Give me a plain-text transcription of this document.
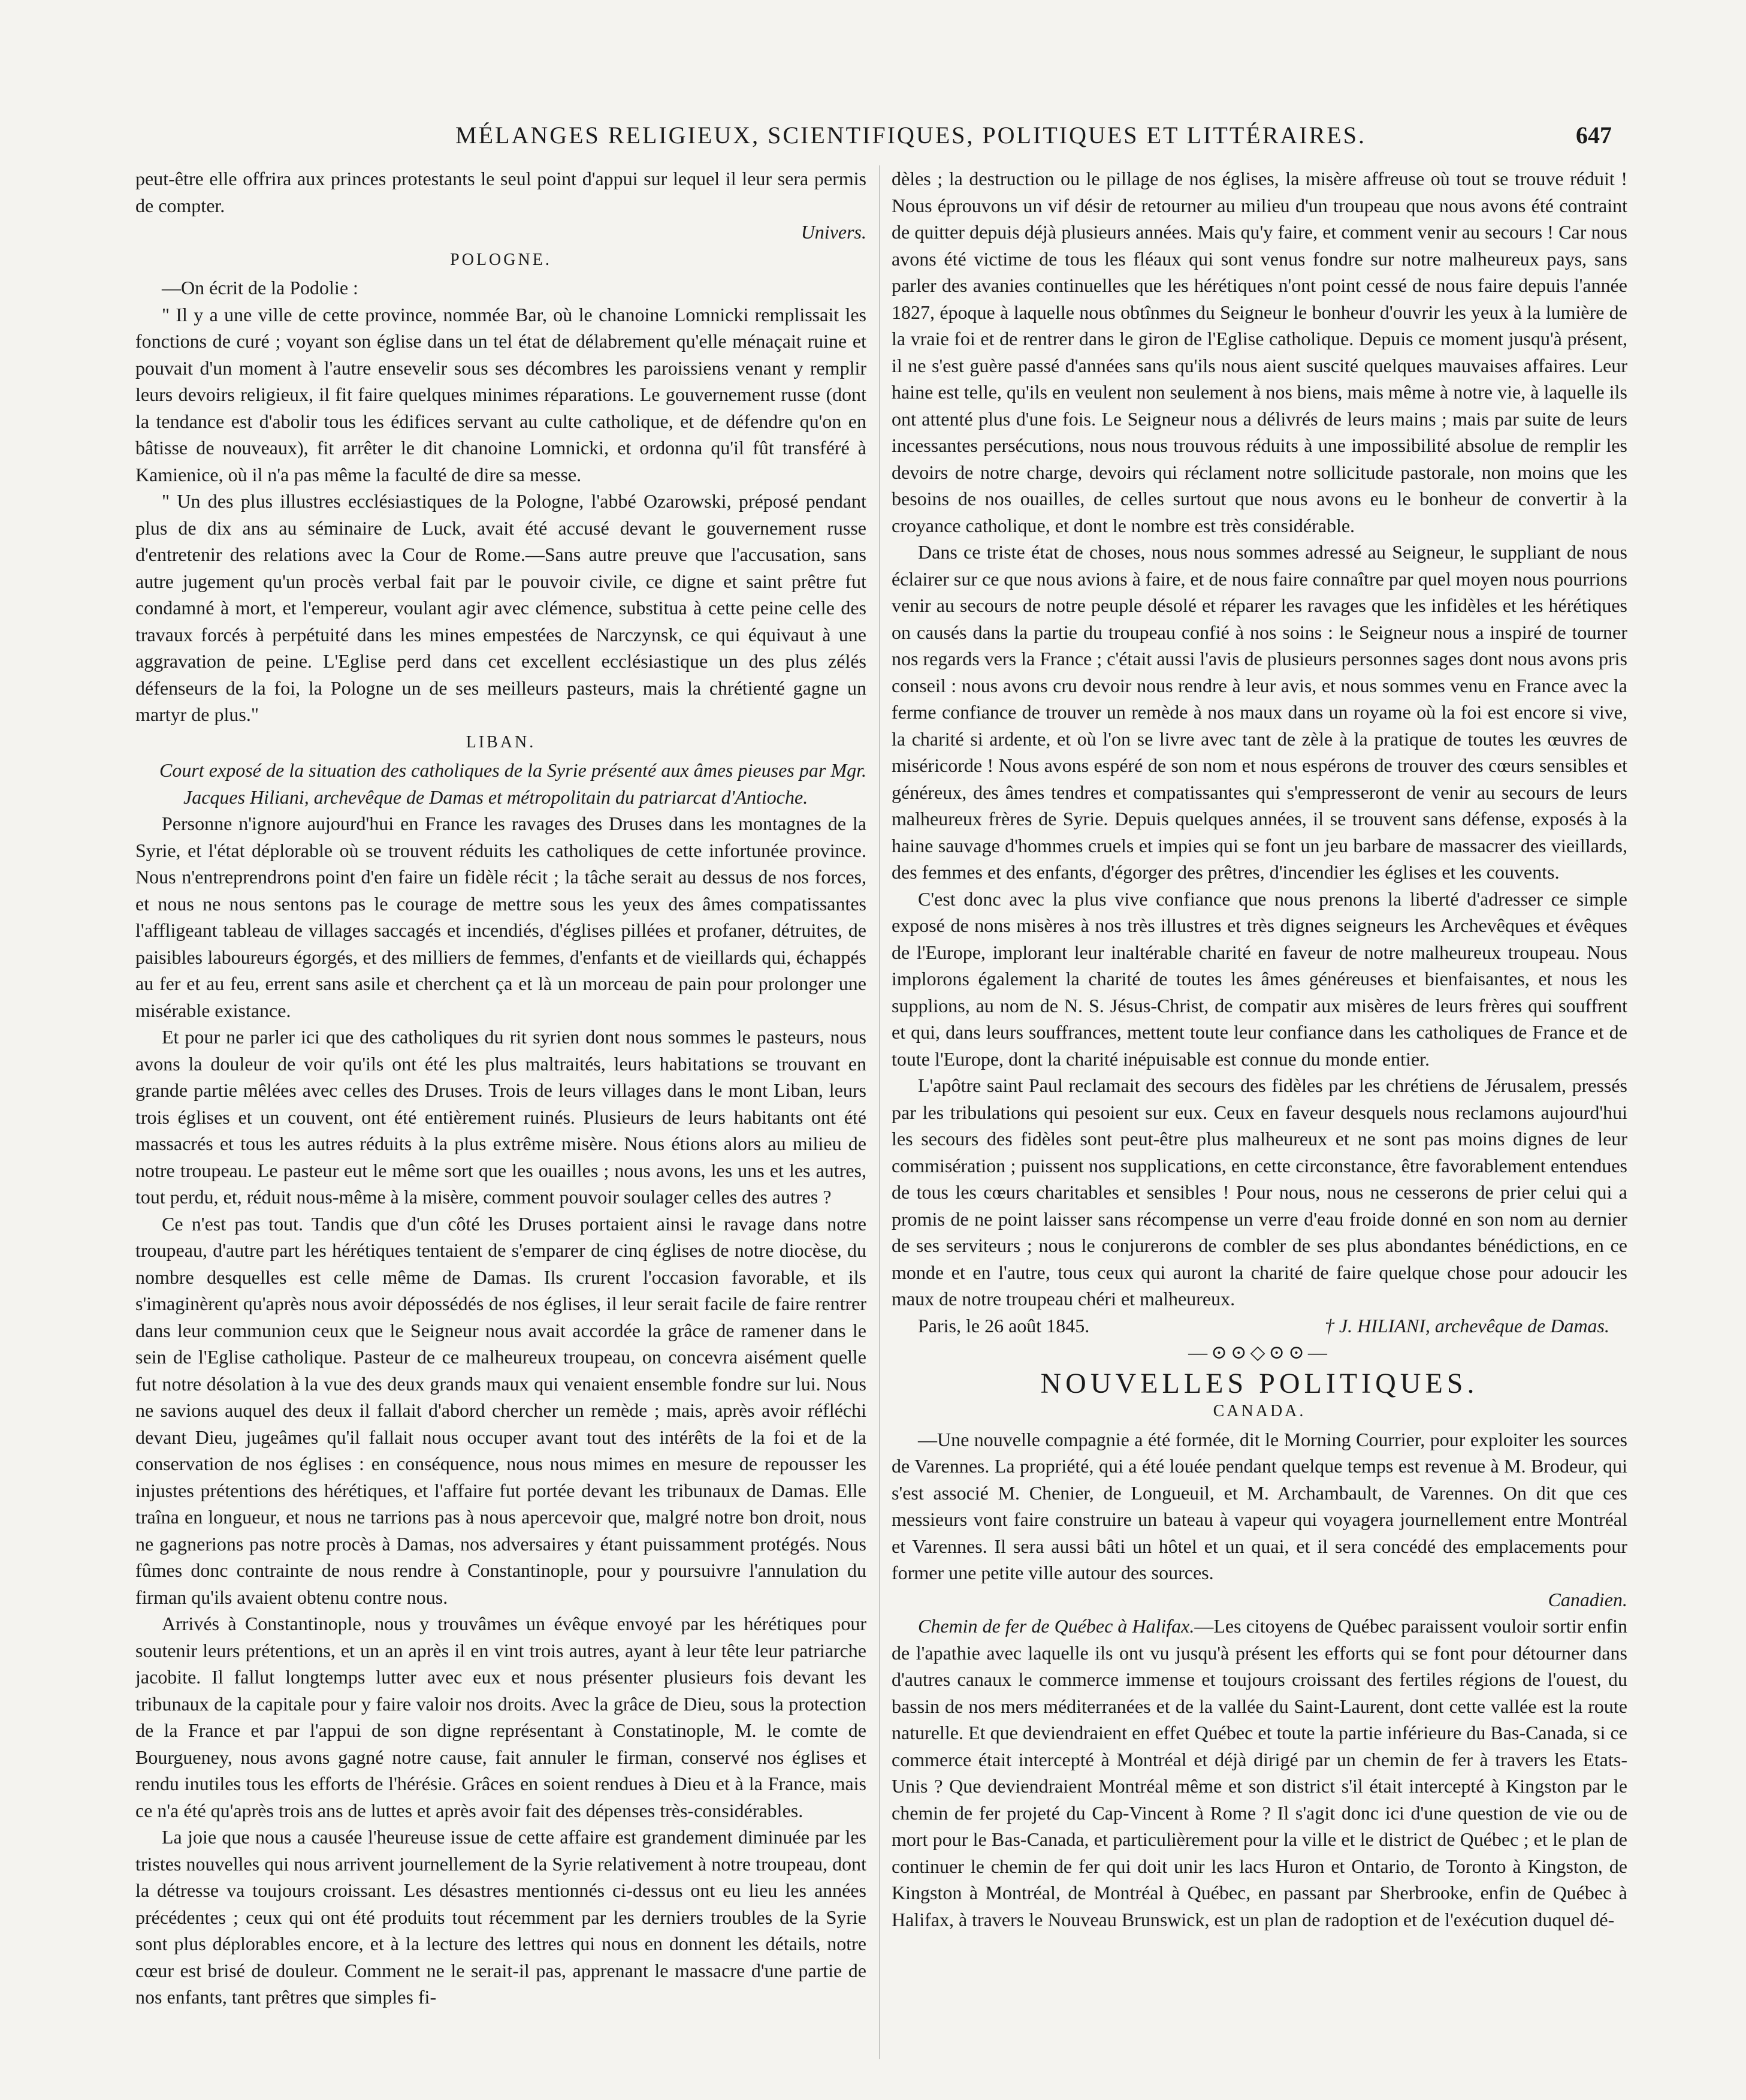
MÉLANGES RELIGIEUX, SCIENTIFIQUES, POLITIQUES ET LITTÉRAIRES.	647

peut-être elle offrira aux princes protestants le seul point d'appui sur lequel il leur sera permis de compter.

Univers.

POLOGNE.

—On écrit de la Podolie :

" Il y a une ville de cette province, nommée Bar, où le chanoine Lomnicki remplissait les fonctions de curé ; voyant son église dans un tel état de délabrement qu'elle ménaçait ruine et pouvait d'un moment à l'autre ensevelir sous ses décombres les paroissiens venant y remplir leurs devoirs religieux, il fit faire quelques minimes réparations. Le gouvernement russe (dont la tendance est d'abolir tous les édifices servant au culte catholique, et de défendre qu'on en bâtisse de nouveaux), fit arrêter le dit chanoine Lomnicki, et ordonna qu'il fût transféré à Kamienice, où il n'a pas même la faculté de dire sa messe.

" Un des plus illustres ecclésiastiques de la Pologne, l'abbé Ozarowski, préposé pendant plus de dix ans au séminaire de Luck, avait été accusé devant le gouvernement russe d'entretenir des relations avec la Cour de Rome.—Sans autre preuve que l'accusation, sans autre jugement qu'un procès verbal fait par le pouvoir civile, ce digne et saint prêtre fut condamné à mort, et l'empereur, voulant agir avec clémence, substitua à cette peine celle des travaux forcés à perpétuité dans les mines empestées de Narczynsk, ce qui équivaut à une aggravation de peine. L'Eglise perd dans cet excellent ecclésiastique un des plus zélés défenseurs de la foi, la Pologne un de ses meilleurs pasteurs, mais la chrétienté gagne un martyr de plus."

LIBAN.

Court exposé de la situation des catholiques de la Syrie présenté aux âmes pieuses par Mgr. Jacques Hiliani, archevêque de Damas et métropolitain du patriarcat d'Antioche.

Personne n'ignore aujourd'hui en France les ravages des Druses dans les montagnes de la Syrie, et l'état déplorable où se trouvent réduits les catholiques de cette infortunée province. Nous n'entreprendrons point d'en faire un fidèle récit ; la tâche serait au dessus de nos forces, et nous ne nous sentons pas le courage de mettre sous les yeux des âmes compatissantes l'affligeant tableau de villages saccagés et incendiés, d'églises pillées et profaner, détruites, de paisibles laboureurs égorgés, et des milliers de femmes, d'enfants et de vieillards qui, échappés au fer et au feu, errent sans asile et cherchent ça et là un morceau de pain pour prolonger une misérable existance.

Et pour ne parler ici que des catholiques du rit syrien dont nous sommes le pasteurs, nous avons la douleur de voir qu'ils ont été les plus maltraités, leurs habitations se trouvant en grande partie mêlées avec celles des Druses. Trois de leurs villages dans le mont Liban, leurs trois églises et un couvent, ont été entièrement ruinés. Plusieurs de leurs habitants ont été massacrés et tous les autres réduits à la plus extrême misère. Nous étions alors au milieu de notre troupeau. Le pasteur eut le même sort que les ouailles ; nous avons, les uns et les autres, tout perdu, et, réduit nous-même à la misère, comment pouvoir soulager celles des autres ?

Ce n'est pas tout. Tandis que d'un côté les Druses portaient ainsi le ravage dans notre troupeau, d'autre part les hérétiques tentaient de s'emparer de cinq églises de notre diocèse, du nombre desquelles est celle même de Damas. Ils crurent l'occasion favorable, et ils s'imaginèrent qu'après nous avoir dépossédés de nos églises, il leur serait facile de faire rentrer dans leur communion ceux que le Seigneur nous avait accordée la grâce de ramener dans le sein de l'Eglise catholique. Pasteur de ce malheureux troupeau, on concevra aisément quelle fut notre désolation à la vue des deux grands maux qui venaient ensemble fondre sur lui. Nous ne savions auquel des deux il fallait d'abord chercher un remède ; mais, après avoir réfléchi devant Dieu, jugeâmes qu'il fallait nous occuper avant tout des intérêts de la foi et de la conservation de nos églises : en conséquence, nous nous mimes en mesure de repousser les injustes prétentions des hérétiques, et l'affaire fut portée devant les tribunaux de Damas. Elle traîna en longueur, et nous ne tarrions pas à nous apercevoir que, malgré notre bon droit, nous ne gagnerions pas notre procès à Damas, nos adversaires y étant puissamment protégés. Nous fûmes donc contrainte de nous rendre à Constantinople, pour y poursuivre l'annulation du firman qu'ils avaient obtenu contre nous.

Arrivés à Constantinople, nous y trouvâmes un évêque envoyé par les hérétiques pour soutenir leurs prétentions, et un an après il en vint trois autres, ayant à leur tête leur patriarche jacobite. Il fallut longtemps lutter avec eux et nous présenter plusieurs fois devant les tribunaux de la capitale pour y faire valoir nos droits. Avec la grâce de Dieu, sous la protection de la France et par l'appui de son digne représentant à Constatinople, M. le comte de Bourgueney, nous avons gagné notre cause, fait annuler le firman, conservé nos églises et rendu inutiles tous les efforts de l'hérésie. Grâces en soient rendues à Dieu et à la France, mais ce n'a été qu'après trois ans de luttes et après avoir fait des dépenses très-considérables.

La joie que nous a causée l'heureuse issue de cette affaire est grandement diminuée par les tristes nouvelles qui nous arrivent journellement de la Syrie relativement à notre troupeau, dont la détresse va toujours croissant. Les désastres mentionnés ci-dessus ont eu lieu les années précédentes ; ceux qui ont été produits tout récemment par les derniers troubles de la Syrie sont plus déplorables encore, et à la lecture des lettres qui nous en donnent les détails, notre cœur est brisé de douleur. Comment ne le serait-il pas, apprenant le massacre d'une partie de nos enfants, tant prêtres que simples fi-

dèles ; la destruction ou le pillage de nos églises, la misère affreuse où tout se trouve réduit ! Nous éprouvons un vif désir de retourner au milieu d'un troupeau que nous avons été contraint de quitter depuis déjà plusieurs années. Mais qu'y faire, et comment venir au secours ! Car nous avons été victime de tous les fléaux qui sont venus fondre sur notre malheureux pays, sans parler des avanies continuelles que les hérétiques n'ont point cessé de nous faire depuis l'année 1827, époque à laquelle nous obtînmes du Seigneur le bonheur d'ouvrir les yeux à la lumière de la vraie foi et de rentrer dans le giron de l'Eglise catholique. Depuis ce moment jusqu'à présent, il ne s'est guère passé d'années sans qu'ils nous aient suscité quelques mauvaises affaires. Leur haine est telle, qu'ils en veulent non seulement à nos biens, mais même à notre vie, à laquelle ils ont attenté plus d'une fois. Le Seigneur nous a délivrés de leurs mains ; mais par suite de leurs incessantes persécutions, nous nous trouvous réduits à une impossibilité absolue de remplir les devoirs de notre charge, devoirs qui réclament notre sollicitude pastorale, non moins que les besoins de nos ouailles, de celles surtout que nous avons eu le bonheur de convertir à la croyance catholique, et dont le nombre est très considérable.

Dans ce triste état de choses, nous nous sommes adressé au Seigneur, le suppliant de nous éclairer sur ce que nous avions à faire, et de nous faire connaître par quel moyen nous pourrions venir au secours de notre peuple désolé et réparer les ravages que les infidèles et les hérétiques on causés dans la partie du troupeau confié à nos soins : le Seigneur nous a inspiré de tourner nos regards vers la France ; c'était aussi l'avis de plusieurs personnes sages dont nous avons pris conseil : nous avons cru devoir nous rendre à leur avis, et nous sommes venu en France avec la ferme confiance de trouver un remède à nos maux dans un royame où la foi est encore si vive, la charité si ardente, et où l'on se livre avec tant de zèle à la pratique de toutes les œuvres de miséricorde ! Nous avons espéré de son nom et nous espérons de trouver des cœurs sensibles et généreux, des âmes tendres et compatissantes qui s'empresseront de venir au secours de leurs malheureux frères de Syrie. Depuis quelques années, il se trouvent sans défense, exposés à la haine sauvage d'hommes cruels et impies qui se font un jeu barbare de massacrer des vieillards, des femmes et des enfants, d'égorger des prêtres, d'incendier les églises et les couvents.

C'est donc avec la plus vive confiance que nous prenons la liberté d'adresser ce simple exposé de nons misères à nos très illustres et très dignes seigneurs les Archevêques et évêques de l'Europe, implorant leur inaltérable charité en faveur de notre malheureux troupeau. Nous implorons également la charité de toutes les âmes généreuses et bienfaisantes, et nous les supplions, au nom de N. S. Jésus-Christ, de compatir aux misères de leurs frères qui souffrent et qui, dans leurs souffrances, mettent toute leur confiance dans les catholiques de France et de toute l'Europe, dont la charité inépuisable est connue du monde entier.

L'apôtre saint Paul reclamait des secours des fidèles par les chrétiens de Jérusalem, pressés par les tribulations qui pesoient sur eux. Ceux en faveur desquels nous reclamons aujourd'hui les secours des fidèles sont peut-être plus malheureux et ne sont pas moins dignes de leur commisération ; puissent nos supplications, en cette circonstance, être favorablement entendues de tous les cœurs charitables et sensibles ! Pour nous, nous ne cesserons de prier celui qui a promis de ne point laisser sans récompense un verre d'eau froide donné en son nom au dernier de ses serviteurs ; nous le conjurerons de combler de ses plus abondantes bénédictions, en ce monde et en l'autre, tous ceux qui auront la charité de faire quelque chose pour adoucir les maux de notre troupeau chéri et malheureux.

Paris, le 26 août 1845.	† J. HILIANI, archevêque de Damas.

—⊙⊙◇⊙⊙—

NOUVELLES POLITIQUES.

CANADA.

—Une nouvelle compagnie a été formée, dit le Morning Courrier, pour exploiter les sources de Varennes. La propriété, qui a été louée pendant quelque temps est revenue à M. Brodeur, qui s'est associé M. Chenier, de Longueuil, et M. Archambault, de Varennes. On dit que ces messieurs vont faire construire un bateau à vapeur qui voyagera journellement entre Montréal et Varennes. Il sera aussi bâti un hôtel et un quai, et il sera concédé des emplacements pour former une petite ville autour des sources.

Canadien.

Chemin de fer de Québec à Halifax.—Les citoyens de Québec paraissent vouloir sortir enfin de l'apathie avec laquelle ils ont vu jusqu'à présent les efforts qui se font pour détourner dans d'autres canaux le commerce immense et toujours croissant des fertiles régions de l'ouest, du bassin de nos mers méditerranées et de la vallée du Saint-Laurent, dont cette vallée est la route naturelle. Et que deviendraient en effet Québec et toute la partie inférieure du Bas-Canada, si ce commerce était intercepté à Montréal et déjà dirigé par un chemin de fer à travers les Etats-Unis ? Que deviendraient Montréal même et son district s'il était intercepté à Kingston par le chemin de fer projeté du Cap-Vincent à Rome ? Il s'agit donc ici d'une question de vie ou de mort pour le Bas-Canada, et particulièrement pour la ville et le district de Québec ; et le plan de continuer le chemin de fer qui doit unir les lacs Huron et Ontario, de Toronto à Kingston, de Kingston à Montréal, de Montréal à Québec, en passant par Sherbrooke, enfin de Québec à Halifax, à travers le Nouveau Brunswick, est un plan de radoption et de l'exécution duquel dé-
